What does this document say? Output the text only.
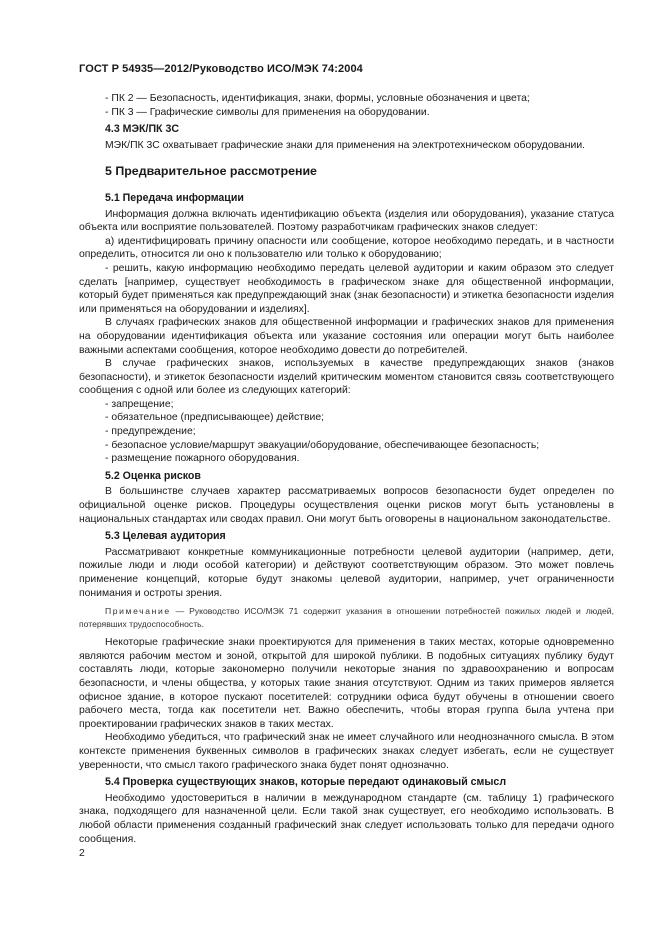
ГОСТ Р 54935—2012/Руководство ИСО/МЭК 74:2004

- ПК 2 — Безопасность, идентификация, знаки, формы, условные обозначения и цвета;

- ПК 3 — Графические символы для применения на оборудовании.

4.3 МЭК/ПК 3С

МЭК/ПК 3С охватывает графические знаки для применения на электротехническом оборудовании.

5 Предварительное рассмотрение
5.1 Передача информации

Информация должна включать идентификацию объекта (изделия или оборудования), указание статуса объекта или восприятие пользователей. Поэтому разработчикам графических знаков следует:

а) идентифицировать причину опасности или сообщение, которое необходимо передать, и в частности определить, относится ли оно к пользователю или только к оборудованию;

- решить, какую информацию необходимо передать целевой аудитории и каким образом это следует сделать [например, существует необходимость в графическом знаке для общественной информации, который будет применяться как предупреждающий знак (знак безопасности) и этикетка безопасности изделия или применяться на оборудовании и изделиях].

В случаях графических знаков для общественной информации и графических знаков для применения на оборудовании идентификация объекта или указание состояния или операции могут быть наиболее важными аспектами сообщения, которое необходимо довести до потребителей.

В случае графических знаков, используемых в качестве предупреждающих знаков (знаков безопасности), и этикеток безопасности изделий критическим моментом становится связь соответствующего сообщения с одной или более из следующих категорий:

- запрещение;

- обязательное (предписывающее) действие;

- предупреждение;

- безопасное условие/маршрут эвакуации/оборудование, обеспечивающее безопасность;

- размещение пожарного оборудования.

5.2 Оценка рисков

В большинстве случаев характер рассматриваемых вопросов безопасности будет определен по официальной оценке рисков. Процедуры осуществления оценки рисков могут быть установлены в национальных стандартах или сводах правил. Они могут быть оговорены в национальном законодательстве.

5.3 Целевая аудитория

Рассматривают конкретные коммуникационные потребности целевой аудитории (например, дети, пожилые люди и люди особой категории) и действуют соответствующим образом. Это может повлечь применение концепций, которые будут знакомы целевой аудитории, например, учет ограниченности понимания и остроты зрения.

Примечание — Руководство ИСО/МЭК 71 содержит указания в отношении потребностей пожилых людей и людей, потерявших трудоспособность.

Некоторые графические знаки проектируются для применения в таких местах, которые одновременно являются рабочим местом и зоной, открытой для широкой публики. В подобных ситуациях публику будут составлять люди, которые закономерно получили некоторые знания по здравоохранению и вопросам безопасности, и члены общества, у которых такие знания отсутствуют. Одним из таких примеров является офисное здание, в которое пускают посетителей: сотрудники офиса будут обучены в отношении своего рабочего места, тогда как посетители нет. Важно обеспечить, чтобы вторая группа была учтена при проектировании графических знаков в таких местах.

Необходимо убедиться, что графический знак не имеет случайного или неоднозначного смысла. В этом контексте применения буквенных символов в графических знаках следует избегать, если не существует уверенности, что смысл такого графического знака будет понят однозначно.

5.4 Проверка существующих знаков, которые передают одинаковый смысл

Необходимо удостовериться в наличии в международном стандарте (см. таблицу 1) графического знака, подходящего для назначенной цели. Если такой знак существует, его необходимо использовать. В любой области применения созданный графический знак следует использовать только для передачи одного сообщения.

2
